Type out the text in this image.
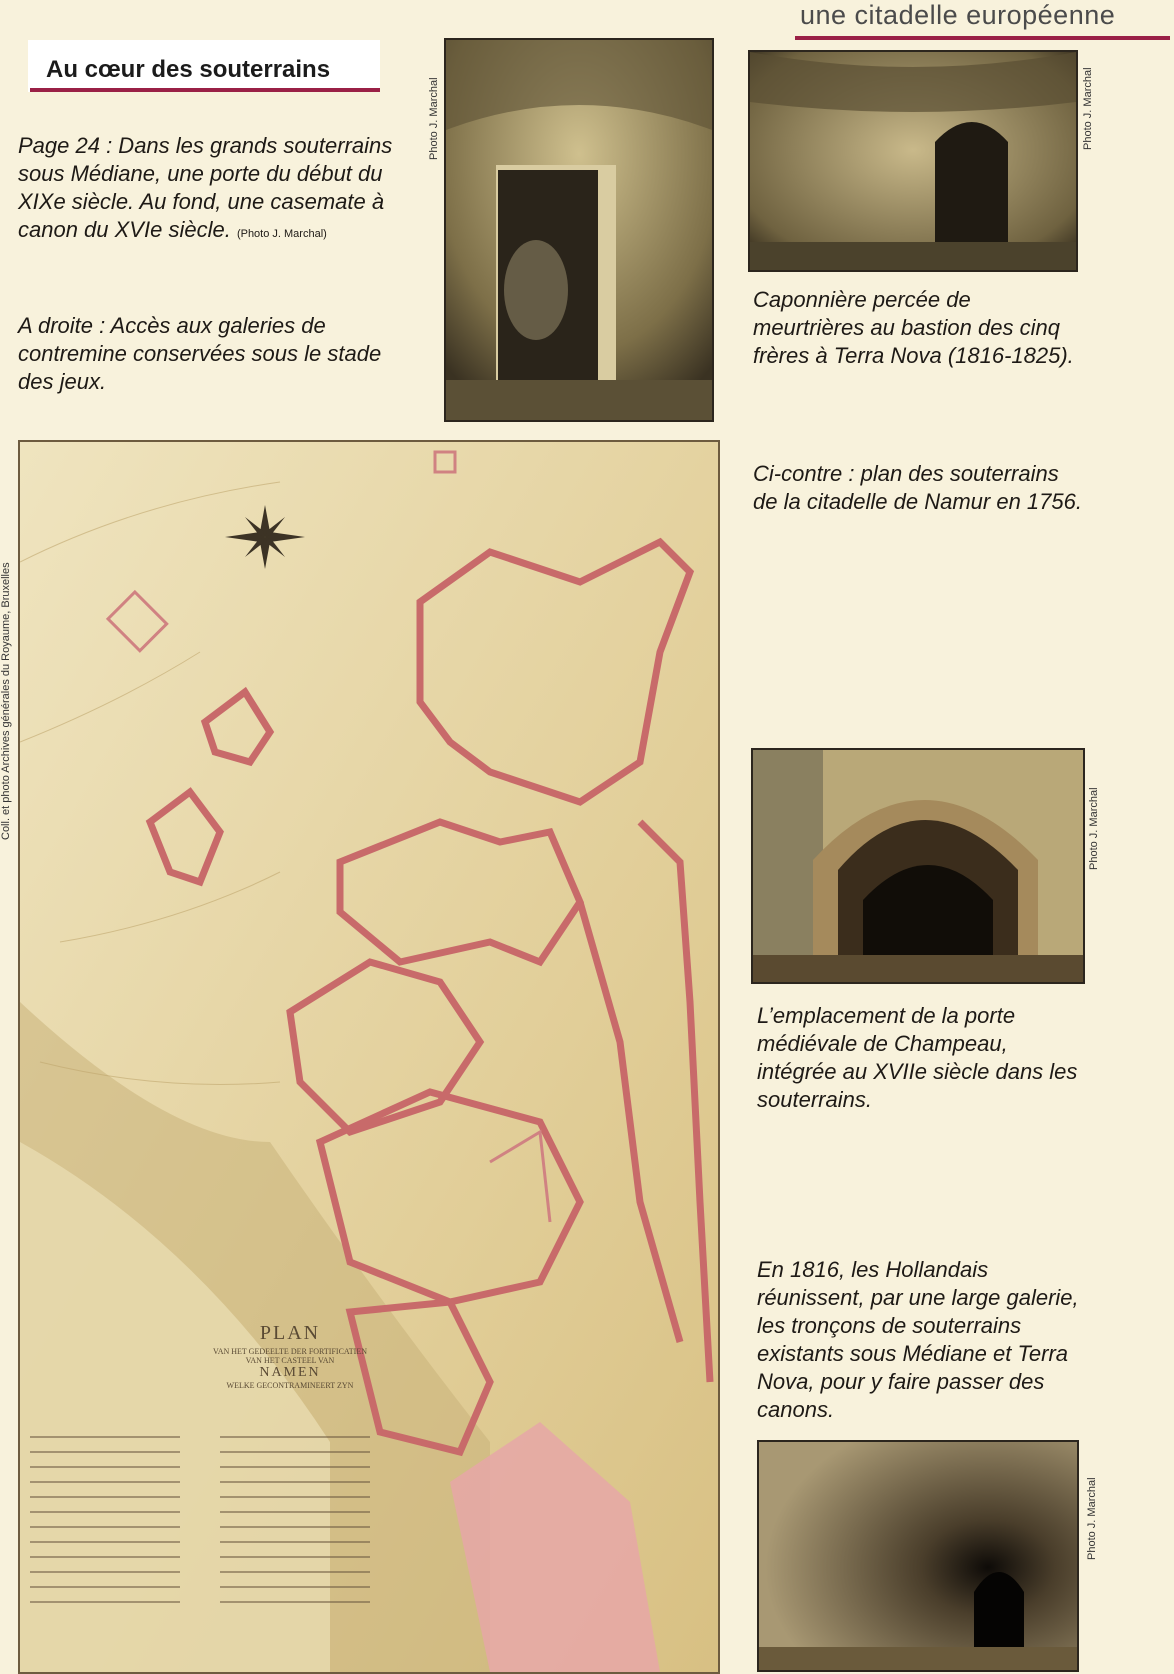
une citadelle européenne
Au cœur des souterrains
Page 24 : Dans les grands souterrains sous Médiane, une porte du début du XIXe siècle. Au fond, une casemate à canon du XVIe siècle. (Photo J. Marchal)
A droite : Accès aux galeries de contremine conservées sous le stade des jeux.
Photo J. Marchal	Photo J. Marchal
Caponnière percée de meurtrières au bastion des cinq frères à Terra Nova (1816-1825).
Ci-contre : plan des souterrains de la citadelle de Namur en 1756.
Photo J. Marchal
L’emplacement de la porte médiévale de Champeau, intégrée au XVIIe siècle dans les souterrains.
En 1816, les Hollandais réunissent, par une large galerie, les tronçons de souterrains existants sous Médiane et Terra Nova, pour y faire passer des canons.
Photo J. Marchal
Coll. et photo Archives générales du Royaume, Bruxelles
PLAN
VAN HET GEDEELTE DER FORTIFICATIEN
VAN HET CASTEEL VAN
NAMEN
WELKE GECONTRAMINEERT ZYN
